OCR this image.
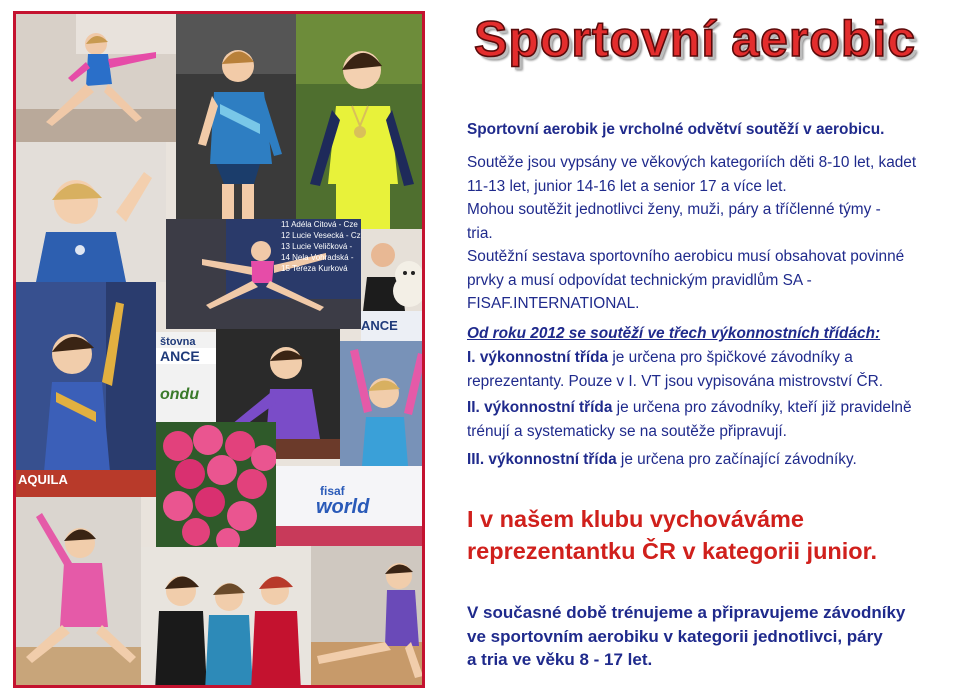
11 Adéla Citová - Cze
12 Lucie Vesecká - Cz
13 Lucie Veličková -
14 Nela Vohradská -
15 Tereza Kurková
ANCE
AQUILA
štovna
ANCE
ondu
fisaf
world
Sportovní aerobic
Sportovní aerobik je vrcholné odvětví soutěží v aerobicu.
Soutěže jsou vypsány ve věkových kategoriích děti 8-10 let, kadet
11-13 let, junior 14-16 let a senior 17 a více let.
Mohou soutěžit jednotlivci ženy, muži, páry a tříčlenné týmy -
tria.
Soutěžní sestava sportovního aerobicu musí obsahovat povinné
prvky a musí odpovídat technickým pravidlům SA -
FISAF.INTERNATIONAL.
Od roku 2012 se soutěží ve třech výkonnostních třídách:
I. výkonnostní třída je určena pro špičkové závodníky a
reprezentanty. Pouze v I. VT jsou vypisována mistrovství ČR.
II. výkonnostní třída je určena pro závodníky, kteří již pravidelně
trénují a systematicky se na soutěže připravují.
III. výkonnostní třída je určena pro začínající závodníky.
I v našem klubu vychováváme
reprezentantku ČR v kategorii junior.
V současné době trénujeme a připravujeme závodníky
ve sportovním aerobiku v kategorii jednotlivci, páry
a tria ve věku 8 - 17 let.
